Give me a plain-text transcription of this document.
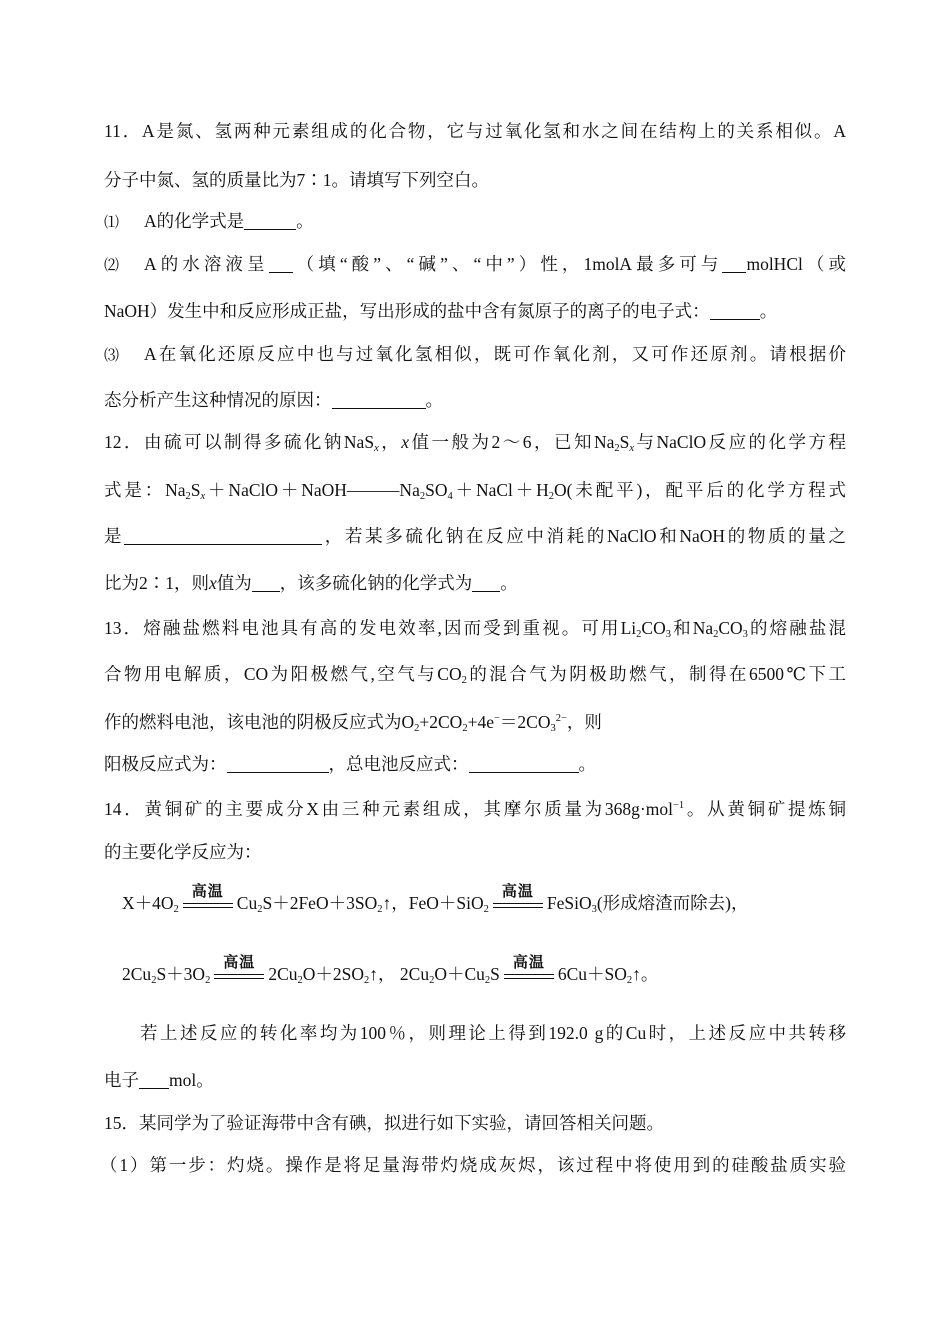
11．A是氮、氢两种元素组成的化合物，它与过氧化氢和水之间在结构上的关系相似。A
分子中氮、氢的质量比为7∶1。请填写下列空白。
⑴ A的化学式是	。
⑵ A的水溶液呈 （填“酸”、“碱”、“中”）性，1molA最多可与 molHCl（或
NaOH）发生中和反应形成正盐，写出形成的盐中含有氮原子的离子的电子式：	。
⑶ A在氧化还原反应中也与过氧化氢相似，既可作氧化剂，又可作还原剂。请根据价
态分析产生这种情况的原因：	。
12．由硫可以制得多硫化钠NaS$_x$，x值一般为2～6，已知$Na_2S_x$与NaClO反应的化学方程
式是：$Na_2S_x+NaClO+NaOH———Na_2SO_4+NaCl+H_2O$(未配平)，配平后的化学方程式
是	，若某多硫化钠在反应中消耗的NaClO和NaOH的物质的量之
比为2∶1，则x值为 ，该多硫化钠的化学式为 。
13．熔融盐燃料电池具有高的发电效率,因而受到重视。可用$Li_2CO_3$和$Na_2CO_3$的熔融盐混
合物用电解质，CO为阳极燃气,空气与$CO_2$的混合气为阴极助燃气，制得在6500℃下工
作的燃料电池，该电池的阴极反应式为$O_2+2CO_2+4e^-=2CO_3^{2-}$，则
阳极反应式为：	，总电池反应式：	。
14．黄铜矿的主要成分X由三种元素组成，其摩尔质量为368g·mol$^{-1}$。从黄铜矿提炼铜
的主要化学反应为：
$X+4O_2$
高温
$Cu_2S+2FeO+3SO_2↑$，FeO＋SiO$_2$
高温
FeSiO$_3$(形成熔渣而除去)，
$2Cu_2S+3O_2$
高温
$2Cu_2O+2SO_2↑$， $2Cu_2O+Cu_2S$
高温
$6Cu+SO_2↑$。
若上述反应的转化率均为100％，则理论上得到192.0 g的Cu时，上述反应中共转移
电子 mol。
15．某同学为了验证海带中含有碘，拟进行如下实验，请回答相关问题。
（1）第一步：灼烧。操作是将足量海带灼烧成灰烬，该过程中将使用到的硅酸盐质实验
